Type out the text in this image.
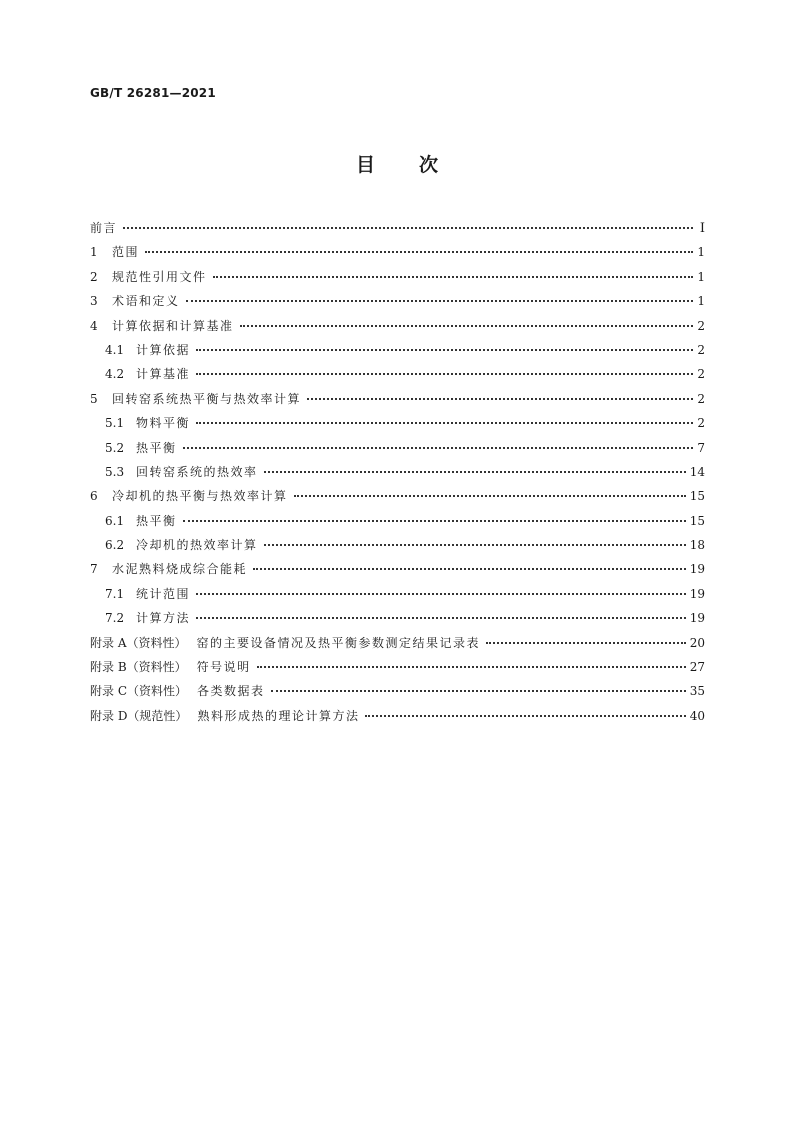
GB/T 26281—2021
目次
前言	Ⅰ
1	范围	1
2	规范性引用文件	1
3	术语和定义	1
4	计算依据和计算基准	2
4.1 计算依据	2
4.2 计算基准	2
5	回转窑系统热平衡与热效率计算	2
5.1 物料平衡	2
5.2 热平衡	7
5.3 回转窑系统的热效率	14
6	冷却机的热平衡与热效率计算	15
6.1 热平衡	15
6.2 冷却机的热效率计算	18
7	水泥熟料烧成综合能耗	19
7.1 统计范围	19
7.2 计算方法	19
附录 A（资料性） 窑的主要设备情况及热平衡参数测定结果记录表	20
附录 B（资料性） 符号说明	27
附录 C（资料性） 各类数据表	35
附录 D（规范性） 熟料形成热的理论计算方法	40
